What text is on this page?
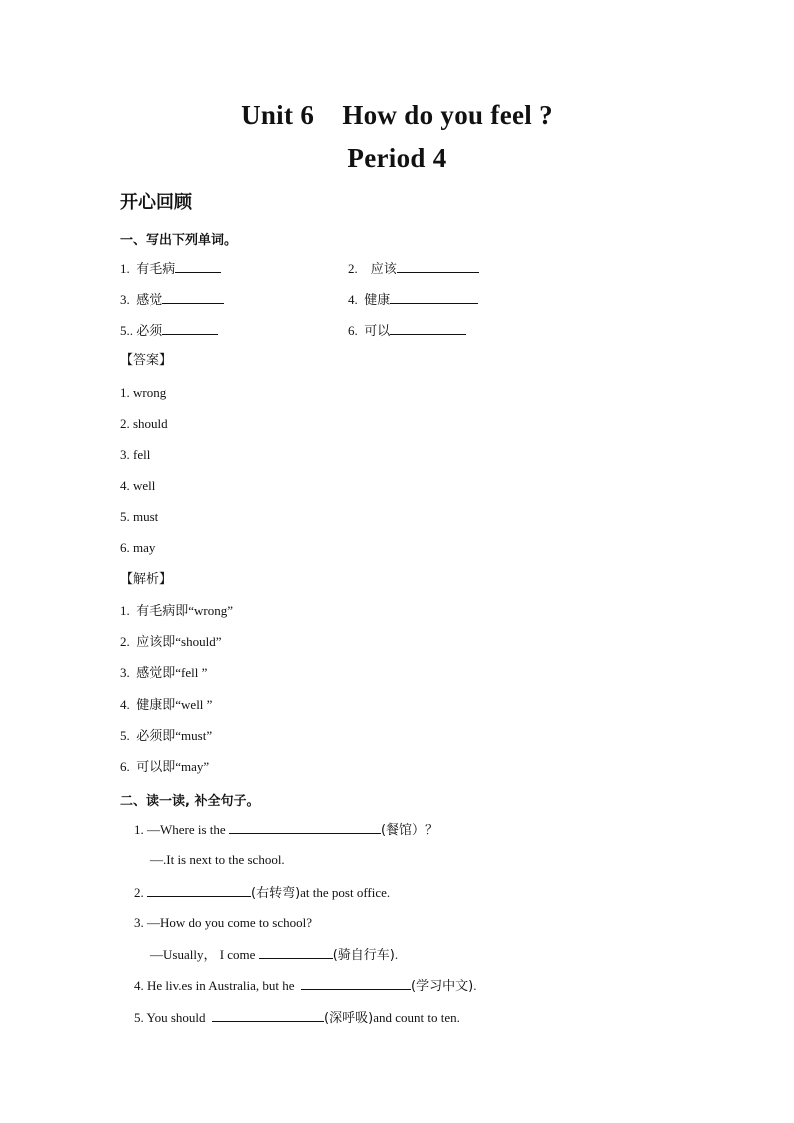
Unit 6    How do you feel ?
Period 4
开心回顾
一、写出下列单词。
1. 有毛病	2. 应该
3. 感觉	4. 健康
5.. 必须	6. 可以
【答案】
1. wrong
2. should
3. fell
4. well
5. must
6. may
【解析】
1. 有毛病即“wrong”
2. 应该即“should”
3. 感觉即“fell ”
4. 健康即“well ”
5. 必须即“must”
6. 可以即“may”
二、读一读, 补全句子。
1. —Where is the	(餐馆）？
—.It is next to the school.
2.	(右转弯)at the post office.
3. —How do you come to school?
—Usually， I come	(骑自行车).
4. He liv.es in Australia, but he	(学习中文).
5. You should	(深呼吸)and count to ten.
